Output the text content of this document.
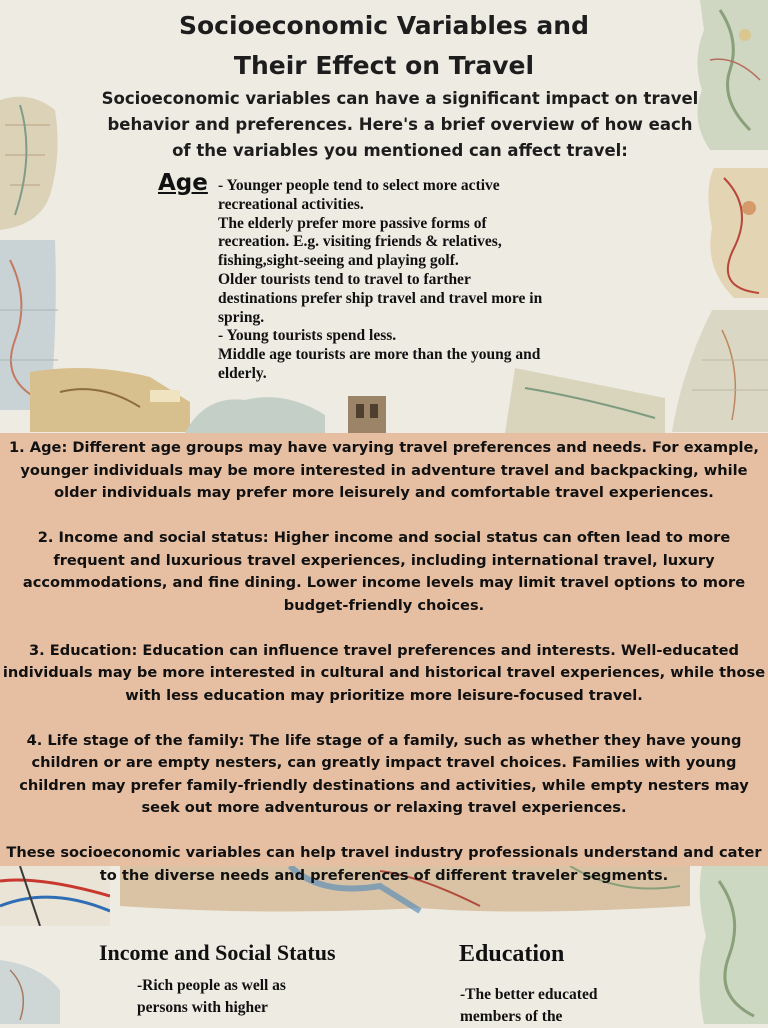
Socioeconomic Variables and
Their Effect on Travel
Socioeconomic variables can have a significant impact on travel behavior and preferences. Here's a brief overview of how each of the variables you mentioned can affect travel:
Age - Younger people tend to select more active recreational activities.

The elderly prefer more passive forms of recreation. E.g. visiting friends & relatives, fishing,sight-seeing and playing golf.

Older tourists tend to travel to farther destinations prefer ship travel and travel more in spring.

- Young tourists spend less.

Middle age tourists are more than the young and elderly.

1. Age: Different age groups may have varying travel preferences and needs. For example, younger individuals may be more interested in adventure travel and backpacking, while older individuals may prefer more leisurely and comfortable travel experiences.

2. Income and social status: Higher income and social status can often lead to more frequent and luxurious travel experiences, including international travel, luxury accommodations, and fine dining. Lower income levels may limit travel options to more budget-friendly choices.

3. Education: Education can influence travel preferences and interests. Well-educated individuals may be more interested in cultural and historical travel experiences, while those with less education may prioritize more leisure-focused travel.

4. Life stage of the family: The life stage of a family, such as whether they have young children or are empty nesters, can greatly impact travel choices. Families with young children may prefer family-friendly destinations and activities, while empty nesters may seek out more adventurous or relaxing travel experiences.

These socioeconomic variables can help travel industry professionals understand and cater to the diverse needs and preferences of different traveler segments.

Income and Social Status
-Rich people as well as
persons with higher
Education
-The better educated
members of the
